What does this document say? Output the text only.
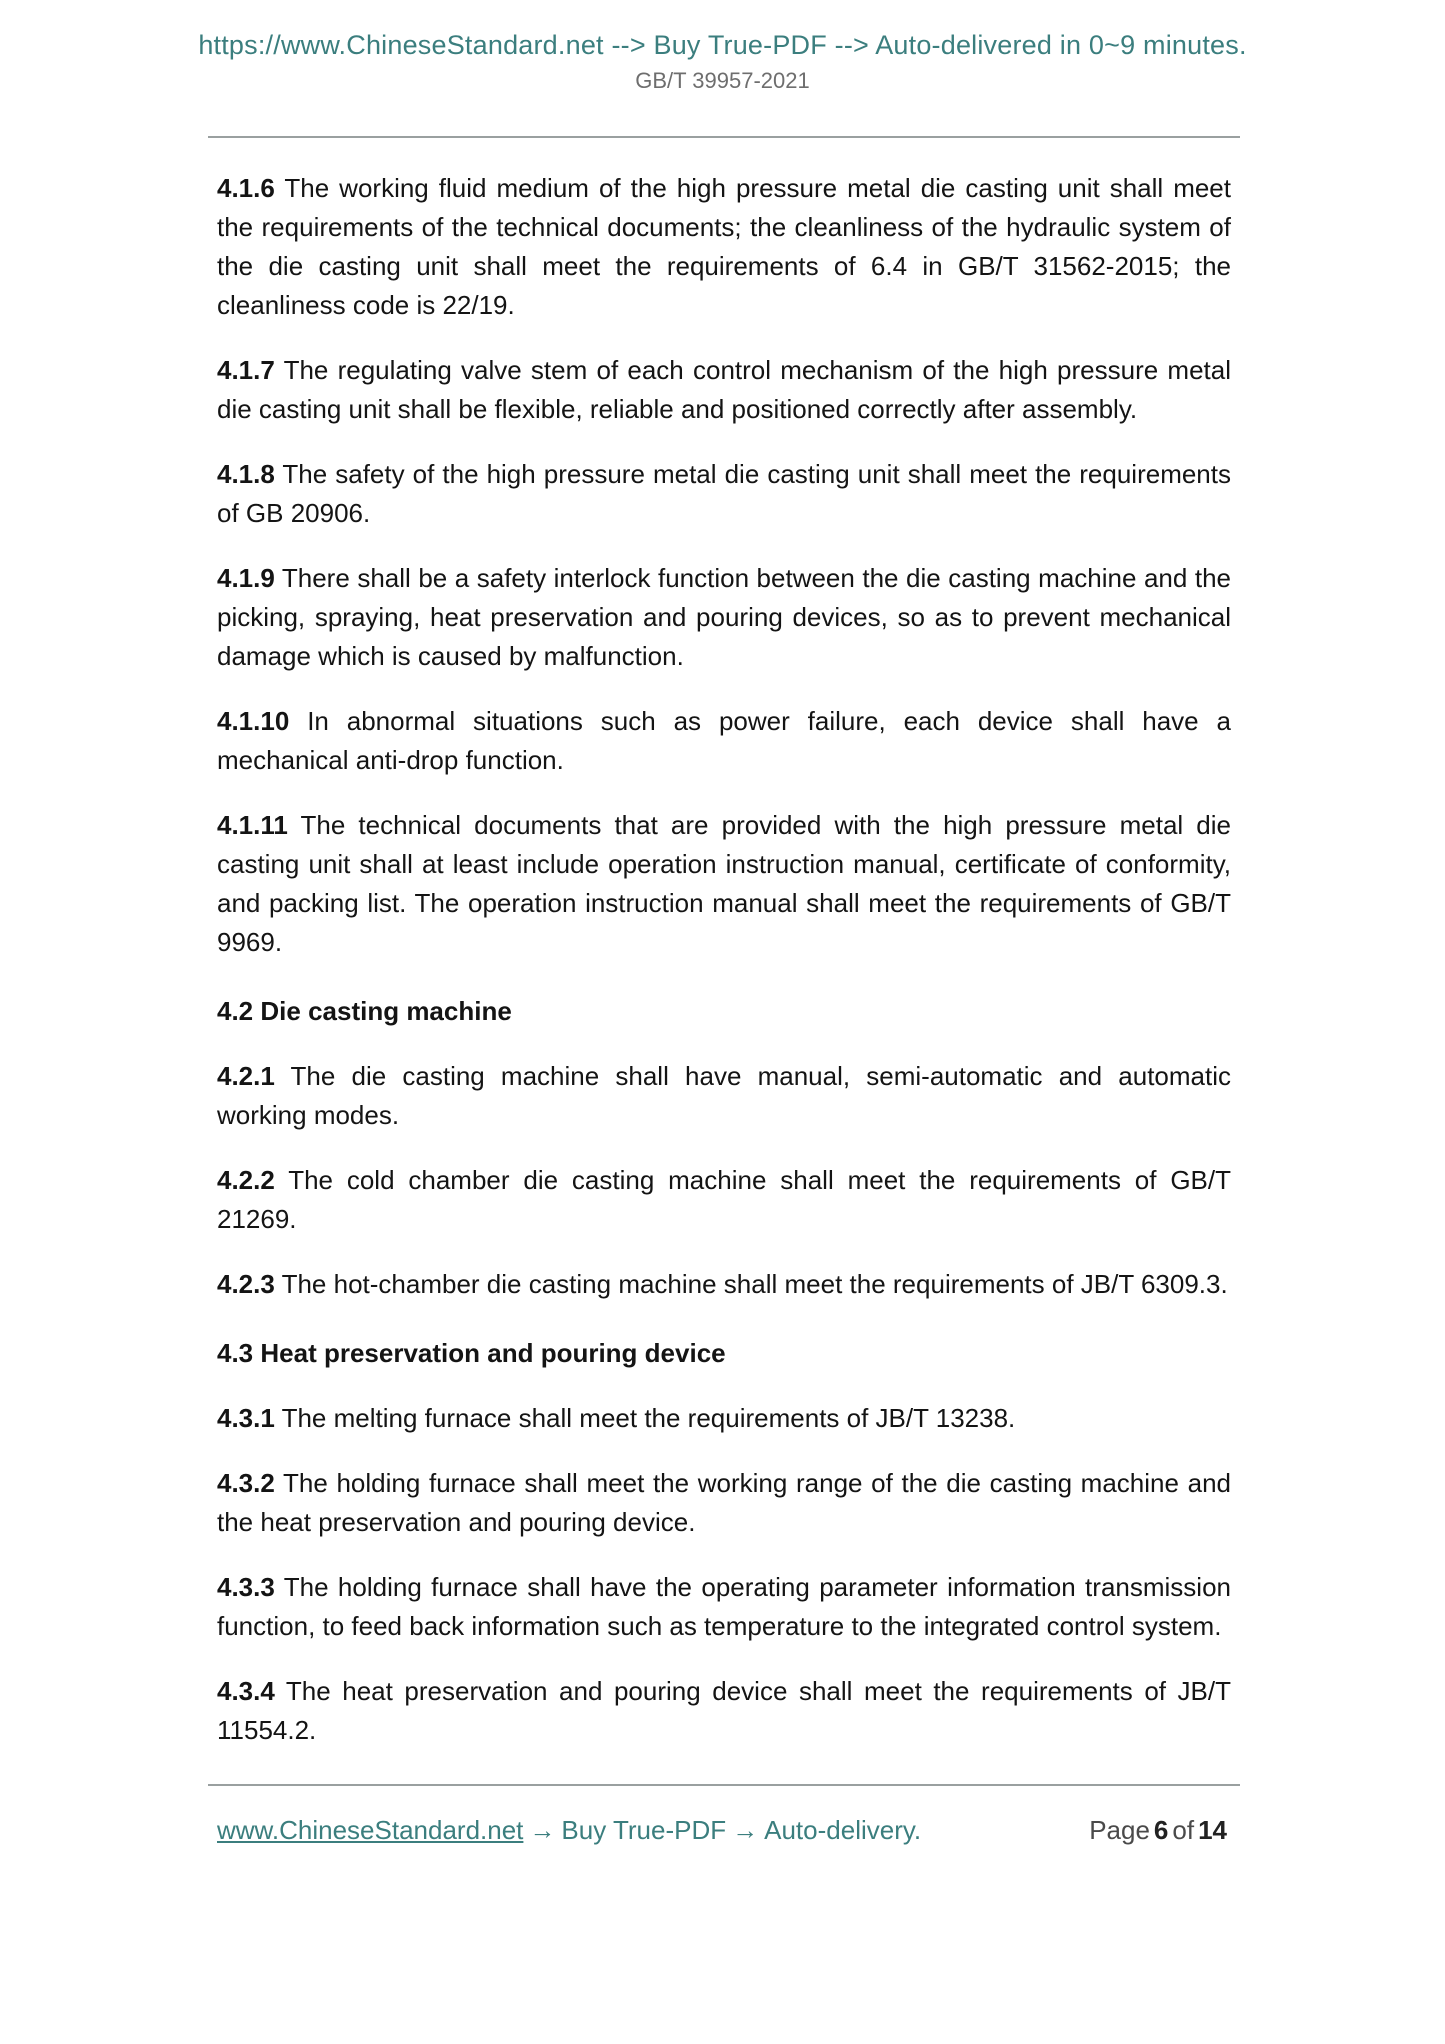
https://www.ChineseStandard.net --> Buy True-PDF --> Auto-delivered in 0~9 minutes.
GB/T 39957-2021

4.1.6 The working fluid medium of the high pressure metal die casting unit shall meet the requirements of the technical documents; the cleanliness of the hydraulic system of the die casting unit shall meet the requirements of 6.4 in GB/T 31562-2015; the cleanliness code is 22/19.

4.1.7 The regulating valve stem of each control mechanism of the high pressure metal die casting unit shall be flexible, reliable and positioned correctly after assembly.

4.1.8 The safety of the high pressure metal die casting unit shall meet the requirements of GB 20906.

4.1.9 There shall be a safety interlock function between the die casting machine and the picking, spraying, heat preservation and pouring devices, so as to prevent mechanical damage which is caused by malfunction.

4.1.10 In abnormal situations such as power failure, each device shall have a mechanical anti-drop function.

4.1.11 The technical documents that are provided with the high pressure metal die casting unit shall at least include operation instruction manual, certificate of conformity, and packing list. The operation instruction manual shall meet the requirements of GB/T 9969.

4.2 Die casting machine

4.2.1 The die casting machine shall have manual, semi-automatic and automatic working modes.

4.2.2 The cold chamber die casting machine shall meet the requirements of GB/T 21269.

4.2.3 The hot-chamber die casting machine shall meet the requirements of JB/T 6309.3.

4.3 Heat preservation and pouring device

4.3.1 The melting furnace shall meet the requirements of JB/T 13238.

4.3.2 The holding furnace shall meet the working range of the die casting machine and the heat preservation and pouring device.

4.3.3 The holding furnace shall have the operating parameter information transmission function, to feed back information such as temperature to the integrated control system.

4.3.4 The heat preservation and pouring device shall meet the requirements of JB/T 11554.2.

www.ChineseStandard.net → Buy True-PDF → Auto-delivery.	Page 6 of 14
